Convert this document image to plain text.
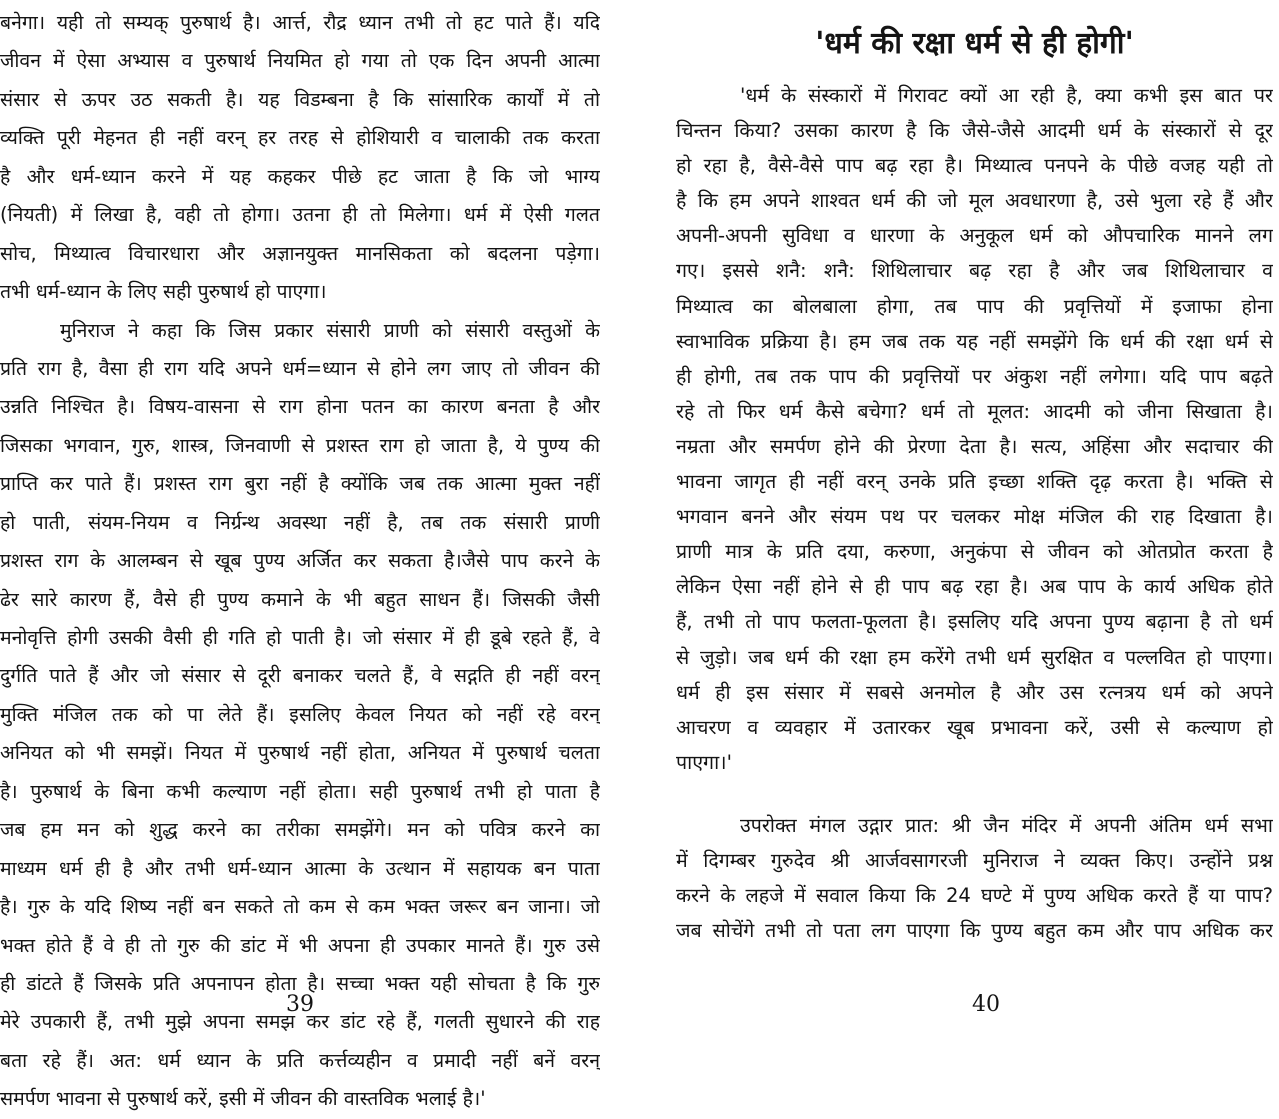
बनेगा। यही तो सम्यक् पुरुषार्थ है। आर्त्त, रौद्र ध्यान तभी तो हट पाते हैं। यदि
जीवन में ऐसा अभ्यास व पुरुषार्थ नियमित हो गया तो एक दिन अपनी आत्मा
संसार से ऊपर उठ सकती है। यह विडम्बना है कि सांसारिक कार्यों में तो
व्यक्ति पूरी मेहनत ही नहीं वरन् हर तरह से होशियारी व चालाकी तक करता
है और धर्म-ध्यान करने में यह कहकर पीछे हट जाता है कि जो भाग्य
(नियती) में लिखा है, वही तो होगा। उतना ही तो मिलेगा। धर्म में ऐसी गलत
सोच, मिथ्यात्व विचारधारा और अज्ञानयुक्त मानसिकता को बदलना पड़ेगा।
तभी धर्म-ध्यान के लिए सही पुरुषार्थ हो पाएगा।
मुनिराज ने कहा कि जिस प्रकार संसारी प्राणी को संसारी वस्तुओं के
प्रति राग है, वैसा ही राग यदि अपने धर्म=ध्यान से होने लग जाए तो जीवन की
उन्नति निश्चित है। विषय-वासना से राग होना पतन का कारण बनता है और
जिसका भगवान, गुरु, शास्त्र, जिनवाणी से प्रशस्त राग हो जाता है, ये पुण्य की
प्राप्ति कर पाते हैं। प्रशस्त राग बुरा नहीं है क्योंकि जब तक आत्मा मुक्त नहीं
हो पाती, संयम-नियम व निर्ग्रन्थ अवस्था नहीं है, तब तक संसारी प्राणी
प्रशस्त राग के आलम्बन से खूब पुण्य अर्जित कर सकता है।जैसे पाप करने के
ढेर सारे कारण हैं, वैसे ही पुण्य कमाने के भी बहुत साधन हैं। जिसकी जैसी
मनोवृत्ति होगी उसकी वैसी ही गति हो पाती है। जो संसार में ही डूबे रहते हैं, वे
दुर्गति पाते हैं और जो संसार से दूरी बनाकर चलते हैं, वे सद्गति ही नहीं वरन्
मुक्ति मंजिल तक को पा लेते हैं। इसलिए केवल नियत को नहीं रहे वरन्
अनियत को भी समझें। नियत में पुरुषार्थ नहीं होता, अनियत में पुरुषार्थ चलता
है। पुरुषार्थ के बिना कभी कल्याण नहीं होता। सही पुरुषार्थ तभी हो पाता है
जब हम मन को शुद्ध करने का तरीका समझेंगे। मन को पवित्र करने का
माध्यम धर्म ही है और तभी धर्म-ध्यान आत्मा के उत्थान में सहायक बन पाता
है। गुरु के यदि शिष्य नहीं बन सकते तो कम से कम भक्त जरूर बन जाना। जो
भक्त होते हैं वे ही तो गुरु की डांट में भी अपना ही उपकार मानते हैं। गुरु उसे
ही डांटते हैं जिसके प्रति अपनापन होता है। सच्चा भक्त यही सोचता है कि गुरु
मेरे उपकारी हैं, तभी मुझे अपना समझ कर डांट रहे हैं, गलती सुधारने की राह
बता रहे हैं। अत: धर्म ध्यान के प्रति कर्त्तव्यहीन व प्रमादी नहीं बनें वरन्
समर्पण भावना से पुरुषार्थ करें, इसी में जीवन की वास्तविक भलाई है।'
39
'धर्म की रक्षा धर्म से ही होगी'
'धर्म के संस्कारों में गिरावट क्यों आ रही है, क्या कभी इस बात पर
चिन्तन किया? उसका कारण है कि जैसे-जैसे आदमी धर्म के संस्कारों से दूर
हो रहा है, वैसे-वैसे पाप बढ़ रहा है। मिथ्यात्व पनपने के पीछे वजह यही तो
है कि हम अपने शाश्वत धर्म की जो मूल अवधारणा है, उसे भुला रहे हैं और
अपनी-अपनी सुविधा व धारणा के अनुकूल धर्म को औपचारिक मानने लग
गए। इससे शनै: शनै: शिथिलाचार बढ़ रहा है और जब शिथिलाचार व
मिथ्यात्व का बोलबाला होगा, तब पाप की प्रवृत्तियों में इजाफा होना
स्वाभाविक प्रक्रिया है। हम जब तक यह नहीं समझेंगे कि धर्म की रक्षा धर्म से
ही होगी, तब तक पाप की प्रवृत्तियों पर अंकुश नहीं लगेगा। यदि पाप बढ़ते
रहे तो फिर धर्म कैसे बचेगा? धर्म तो मूलत: आदमी को जीना सिखाता है।
नम्रता और समर्पण होने की प्रेरणा देता है। सत्य, अहिंसा और सदाचार की
भावना जागृत ही नहीं वरन् उनके प्रति इच्छा शक्ति दृढ़ करता है। भक्ति से
भगवान बनने और संयम पथ पर चलकर मोक्ष मंजिल की राह दिखाता है।
प्राणी मात्र के प्रति दया, करुणा, अनुकंपा से जीवन को ओतप्रोत करता है
लेकिन ऐसा नहीं होने से ही पाप बढ़ रहा है। अब पाप के कार्य अधिक होते
हैं, तभी तो पाप फलता-फूलता है। इसलिए यदि अपना पुण्य बढ़ाना है तो धर्म
से जुड़ो। जब धर्म की रक्षा हम करेंगे तभी धर्म सुरक्षित व पल्लवित हो पाएगा।
धर्म ही इस संसार में सबसे अनमोल है और उस रत्नत्रय धर्म को अपने
आचरण व व्यवहार में उतारकर खूब प्रभावना करें, उसी से कल्याण हो
पाएगा।'
उपरोक्त मंगल उद्गार प्रात: श्री जैन मंदिर में अपनी अंतिम धर्म सभा
में दिगम्बर गुरुदेव श्री आर्जवसागरजी मुनिराज ने व्यक्त किए। उन्होंने प्रश्न
करने के लहजे में सवाल किया कि 24 घण्टे में पुण्य अधिक करते हैं या पाप?
जब सोचेंगे तभी तो पता लग पाएगा कि पुण्य बहुत कम और पाप अधिक कर
40
